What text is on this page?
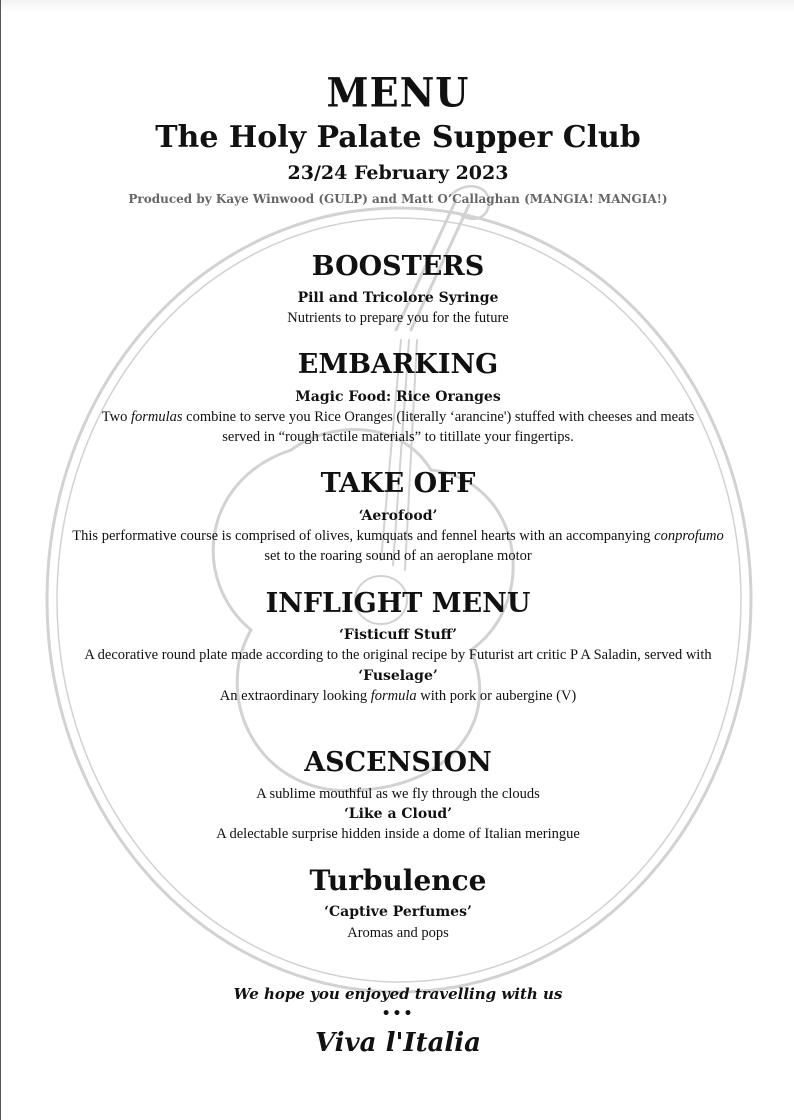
MENU
The Holy Palate Supper Club
23/24 February 2023
Produced by Kaye Winwood (GULP) and Matt O’Callaghan (MANGIA! MANGIA!)
BOOSTERS
Pill and Tricolore Syringe
Nutrients to prepare you for the future
EMBARKING
Magic Food: Rice Oranges
Two formulas combine to serve you Rice Oranges (literally ‘arancine') stuffed with cheeses and meats
served in “rough tactile materials” to titillate your fingertips.
TAKE OFF
‘Aerofood’
This performative course is comprised of olives, kumquats and fennel hearts with an accompanying conprofumo
set to the roaring sound of an aeroplane motor
INFLIGHT MENU
‘Fisticuff Stuff’
A decorative round plate made according to the original recipe by Futurist art critic P A Saladin, served with
‘Fuselage’
An extraordinary looking formula with pork or aubergine (V)
ASCENSION
A sublime mouthful as we fly through the clouds
‘Like a Cloud’
A delectable surprise hidden inside a dome of Italian meringue
Turbulence
‘Captive Perfumes’
Aromas and pops
We hope you enjoyed travelling with us
•••
Viva l'Italia
